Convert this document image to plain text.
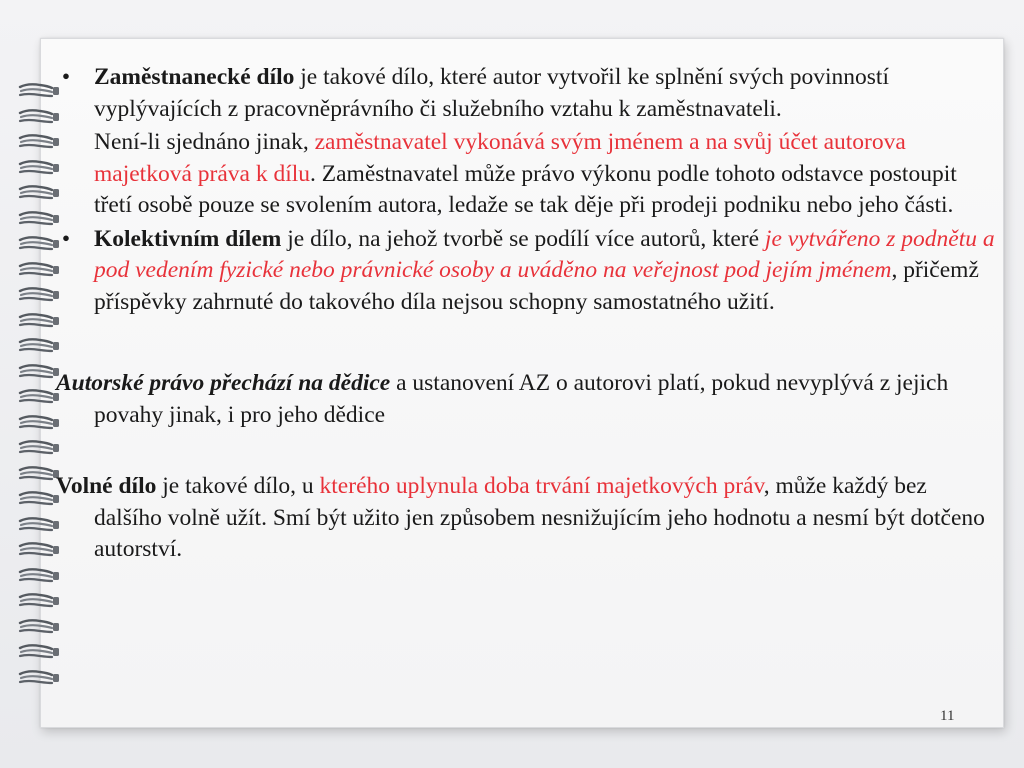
• Zaměstnanecké dílo je takové dílo, které autor vytvořil ke splnění svých povinností vyplývajících z pracovněprávního či služebního vztahu k zaměstnavateli.

Není-li sjednáno jinak, zaměstnavatel vykonává svým jménem a na svůj účet autorova majetková práva k dílu. Zaměstnavatel může právo výkonu podle tohoto odstavce postoupit třetí osobě pouze se svolením autora, ledaže se tak děje při prodeji podniku nebo jeho části.

• Kolektivním dílem je dílo, na jehož tvorbě se podílí více autorů, které je vytvářeno z podnětu a pod vedením fyzické nebo právnické osoby a uváděno na veřejnost pod jejím jménem, přičemž příspěvky zahrnuté do takového díla nejsou schopny samostatného užití.

Autorské právo přechází na dědice a ustanovení AZ o autorovi platí, pokud nevyplývá z jejich povahy jinak, i pro jeho dědice

Volné dílo je takové dílo, u kterého uplynula doba trvání majetkových práv, může každý bez dalšího volně užít. Smí být užito jen způsobem nesnižujícím jeho hodnotu a nesmí být dotčeno autorství.

11
